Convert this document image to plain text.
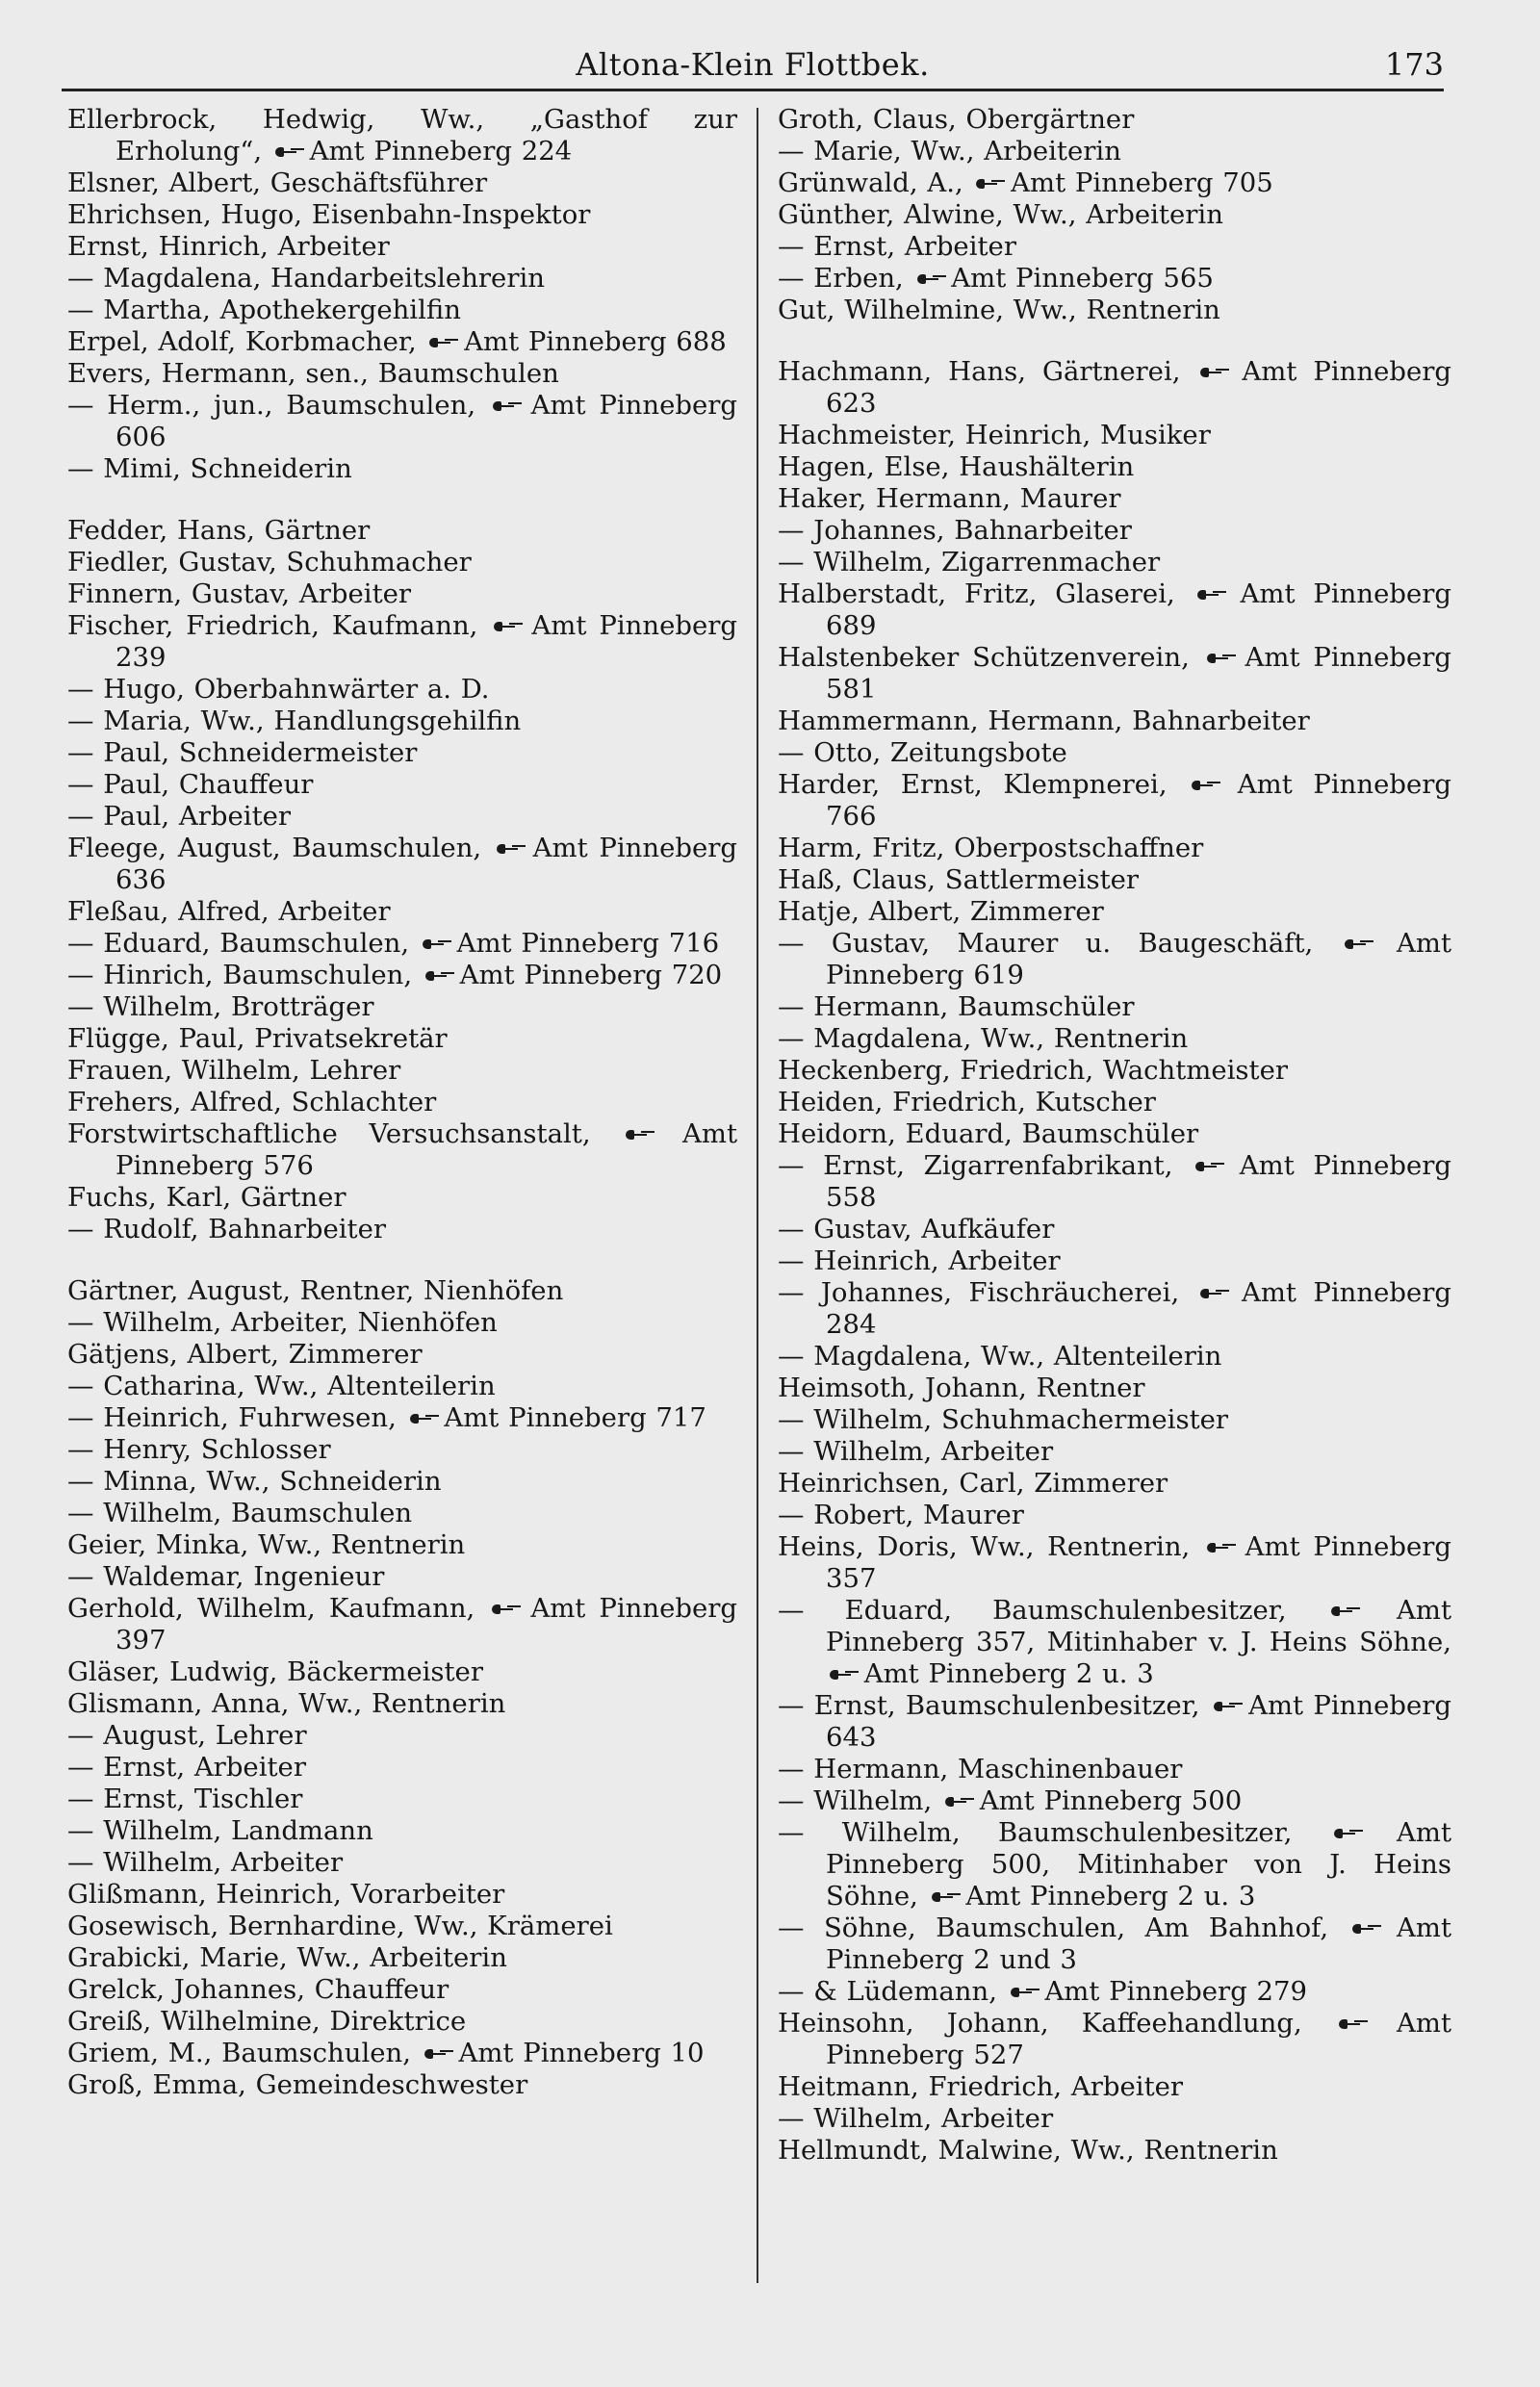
Altona-Klein Flottbek.	173
Ellerbrock, Hedwig, Ww., „Gasthof zur Erholung“,  Amt Pinneberg 224
Elsner, Albert, Geschäftsführer
Ehrichsen, Hugo, Eisenbahn-Inspektor
Ernst, Hinrich, Arbeiter
— Magdalena, Handarbeitslehrerin
— Martha, Apothekergehilfin
Erpel, Adolf, Korbmacher,  Amt Pinneberg 688
Evers, Hermann, sen., Baumschulen
— Herm., jun., Baumschulen,  Amt Pinneberg 606
— Mimi, Schneiderin
Fedder, Hans, Gärtner
Fiedler, Gustav, Schuhmacher
Finnern, Gustav, Arbeiter
Fischer, Friedrich, Kaufmann,  Amt Pinneberg 239
— Hugo, Oberbahnwärter a. D.
— Maria, Ww., Handlungsgehilfin
— Paul, Schneidermeister
— Paul, Chauffeur
— Paul, Arbeiter
Fleege, August, Baumschulen,  Amt Pinneberg 636
Fleßau, Alfred, Arbeiter
— Eduard, Baumschulen,  Amt Pinneberg 716
— Hinrich, Baumschulen,  Amt Pinneberg 720
— Wilhelm, Brotträger
Flügge, Paul, Privatsekretär
Frauen, Wilhelm, Lehrer
Frehers, Alfred, Schlachter
Forstwirtschaftliche Versuchsanstalt,  Amt Pinneberg 576
Fuchs, Karl, Gärtner
— Rudolf, Bahnarbeiter
Gärtner, August, Rentner, Nienhöfen
— Wilhelm, Arbeiter, Nienhöfen
Gätjens, Albert, Zimmerer
— Catharina, Ww., Altenteilerin
— Heinrich, Fuhrwesen,  Amt Pinneberg 717
— Henry, Schlosser
— Minna, Ww., Schneiderin
— Wilhelm, Baumschulen
Geier, Minka, Ww., Rentnerin
— Waldemar, Ingenieur
Gerhold, Wilhelm, Kaufmann,  Amt Pinneberg 397
Gläser, Ludwig, Bäckermeister
Glismann, Anna, Ww., Rentnerin
— August, Lehrer
— Ernst, Arbeiter
— Ernst, Tischler
— Wilhelm, Landmann
— Wilhelm, Arbeiter
Glißmann, Heinrich, Vorarbeiter
Gosewisch, Bernhardine, Ww., Krämerei
Grabicki, Marie, Ww., Arbeiterin
Grelck, Johannes, Chauffeur
Greiß, Wilhelmine, Direktrice
Griem, M., Baumschulen,  Amt Pinneberg 10
Groß, Emma, Gemeindeschwester
Groth, Claus, Obergärtner
— Marie, Ww., Arbeiterin
Grünwald, A.,  Amt Pinneberg 705
Günther, Alwine, Ww., Arbeiterin
— Ernst, Arbeiter
— Erben,  Amt Pinneberg 565
Gut, Wilhelmine, Ww., Rentnerin
Hachmann, Hans, Gärtnerei,  Amt Pinneberg 623
Hachmeister, Heinrich, Musiker
Hagen, Else, Haushälterin
Haker, Hermann, Maurer
— Johannes, Bahnarbeiter
— Wilhelm, Zigarrenmacher
Halberstadt, Fritz, Glaserei,  Amt Pinneberg 689
Halstenbeker Schützenverein,  Amt Pinneberg 581
Hammermann, Hermann, Bahnarbeiter
— Otto, Zeitungsbote
Harder, Ernst, Klempnerei,  Amt Pinneberg 766
Harm, Fritz, Oberpostschaffner
Haß, Claus, Sattlermeister
Hatje, Albert, Zimmerer
— Gustav, Maurer u. Baugeschäft,  Amt Pinneberg 619
— Hermann, Baumschüler
— Magdalena, Ww., Rentnerin
Heckenberg, Friedrich, Wachtmeister
Heiden, Friedrich, Kutscher
Heidorn, Eduard, Baumschüler
— Ernst, Zigarrenfabrikant,  Amt Pinneberg 558
— Gustav, Aufkäufer
— Heinrich, Arbeiter
— Johannes, Fischräucherei,  Amt Pinneberg 284
— Magdalena, Ww., Altenteilerin
Heimsoth, Johann, Rentner
— Wilhelm, Schuhmachermeister
— Wilhelm, Arbeiter
Heinrichsen, Carl, Zimmerer
— Robert, Maurer
Heins, Doris, Ww., Rentnerin,  Amt Pinneberg 357
— Eduard, Baumschulenbesitzer,  Amt Pinneberg 357, Mitinhaber v. J. Heins Söhne,  Amt Pinneberg 2 u. 3
— Ernst, Baumschulenbesitzer,  Amt Pinneberg 643
— Hermann, Maschinenbauer
— Wilhelm,  Amt Pinneberg 500
— Wilhelm, Baumschulenbesitzer,  Amt Pinneberg 500, Mitinhaber von J. Heins Söhne,  Amt Pinneberg 2 u. 3
— Söhne, Baumschulen, Am Bahnhof,  Amt Pinneberg 2 und 3
— & Lüdemann,  Amt Pinneberg 279
Heinsohn, Johann, Kaffeehandlung,  Amt Pinneberg 527
Heitmann, Friedrich, Arbeiter
— Wilhelm, Arbeiter
Hellmundt, Malwine, Ww., Rentnerin
